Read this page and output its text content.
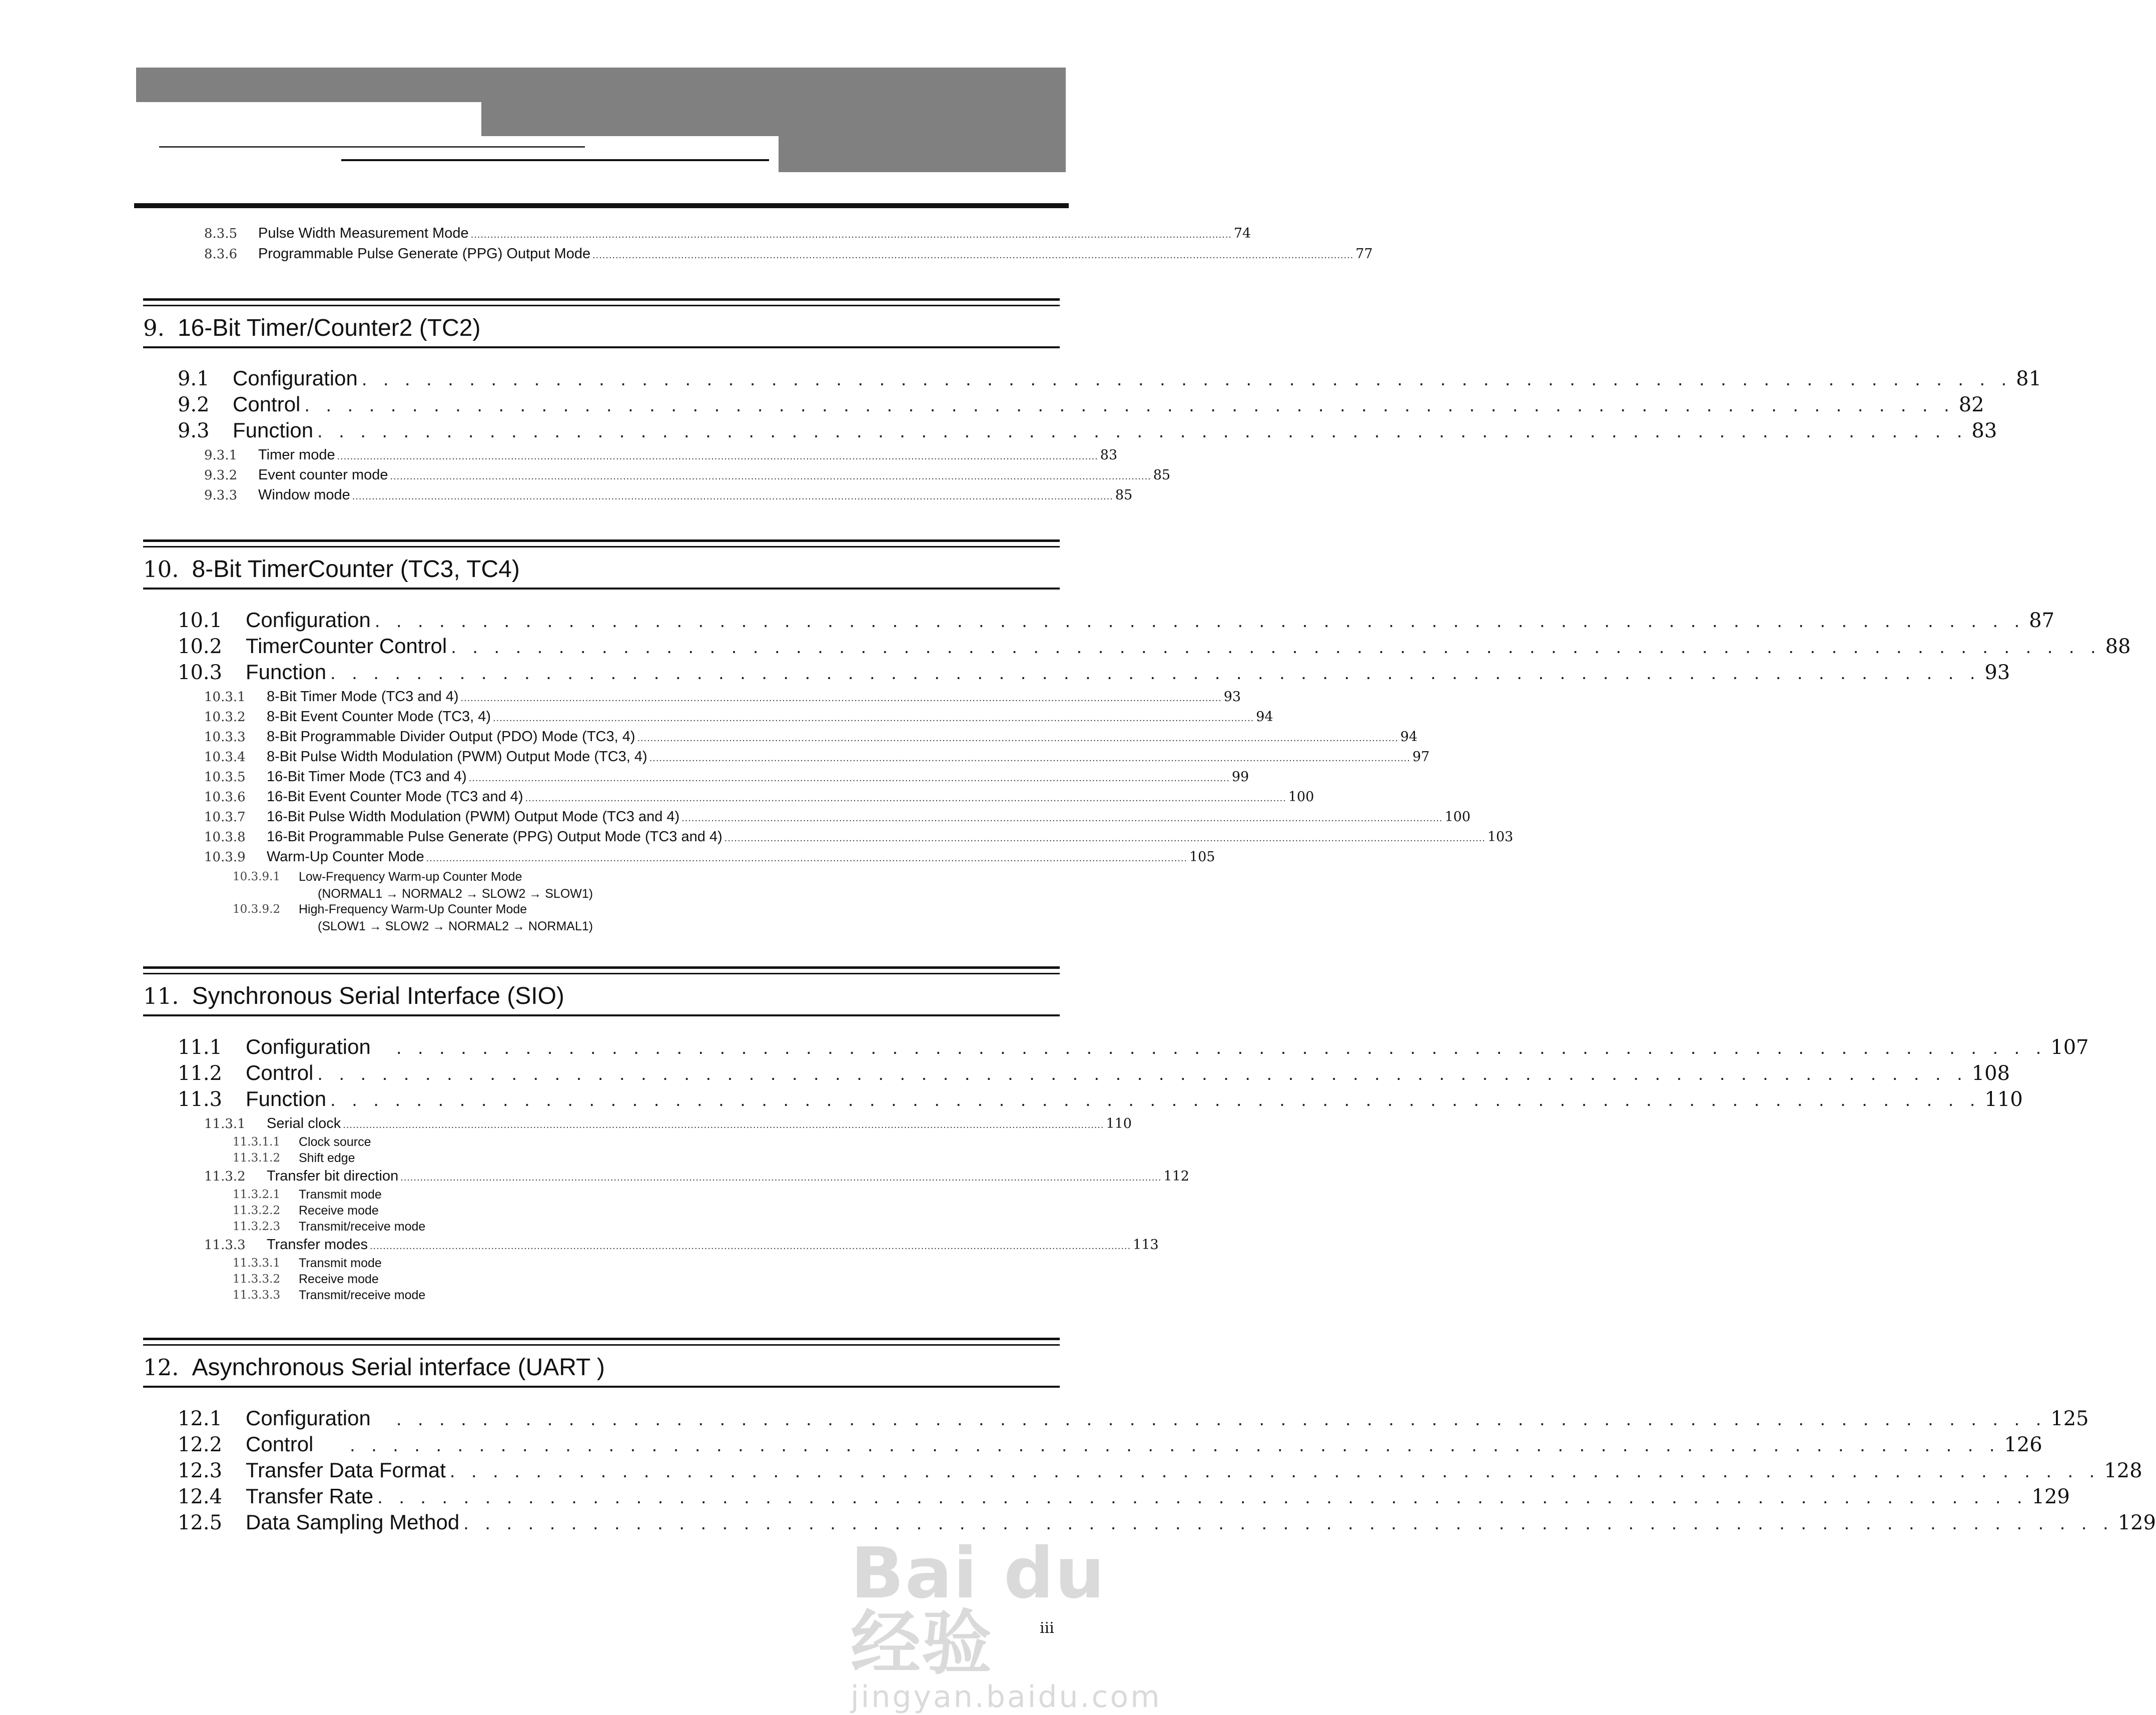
8.3.5	Pulse Width Measurement Mode ........................................................................................................................................................................................................................................ 74
8.3.6	Programmable Pulse Generate (PPG) Output Mode ........................................................................................................................................................................................................................................ 77
9. 16-Bit Timer/Counter2 (TC2)
9.1	Configuration . . . . . . . . . . . . . . . . . . . . . . . . . . . . . . . . . . . . . . . . . . . . . . . . . . . . . . . . . . . . . . . . . . . . . . . . . . . . . 81
9.2	Control . . . . . . . . . . . . . . . . . . . . . . . . . . . . . . . . . . . . . . . . . . . . . . . . . . . . . . . . . . . . . . . . . . . . . . . . . . . . . 82
9.3	Function . . . . . . . . . . . . . . . . . . . . . . . . . . . . . . . . . . . . . . . . . . . . . . . . . . . . . . . . . . . . . . . . . . . . . . . . . . . . . 83
9.3.1	Timer mode ........................................................................................................................................................................................................................................ 83
9.3.2	Event counter mode ........................................................................................................................................................................................................................................ 85
9.3.3	Window mode ........................................................................................................................................................................................................................................ 85
10. 8-Bit TimerCounter (TC3, TC4)
10.1	Configuration . . . . . . . . . . . . . . . . . . . . . . . . . . . . . . . . . . . . . . . . . . . . . . . . . . . . . . . . . . . . . . . . . . . . . . . . . . . . . 87
10.2	TimerCounter Control . . . . . . . . . . . . . . . . . . . . . . . . . . . . . . . . . . . . . . . . . . . . . . . . . . . . . . . . . . . . . . . . . . . . . . . . . . . . . 88
10.3	Function . . . . . . . . . . . . . . . . . . . . . . . . . . . . . . . . . . . . . . . . . . . . . . . . . . . . . . . . . . . . . . . . . . . . . . . . . . . . . 93
10.3.1	8-Bit Timer Mode (TC3 and 4) ........................................................................................................................................................................................................................................ 93
10.3.2	8-Bit Event Counter Mode (TC3, 4) ........................................................................................................................................................................................................................................ 94
10.3.3	8-Bit Programmable Divider Output (PDO) Mode (TC3, 4) ........................................................................................................................................................................................................................................ 94
10.3.4	8-Bit Pulse Width Modulation (PWM) Output Mode (TC3, 4) ........................................................................................................................................................................................................................................ 97
10.3.5	16-Bit Timer Mode (TC3 and 4) ........................................................................................................................................................................................................................................ 99
10.3.6	16-Bit Event Counter Mode (TC3 and 4) ........................................................................................................................................................................................................................................ 100
10.3.7	16-Bit Pulse Width Modulation (PWM) Output Mode (TC3 and 4) ........................................................................................................................................................................................................................................ 100
10.3.8	16-Bit Programmable Pulse Generate (PPG) Output Mode (TC3 and 4) ........................................................................................................................................................................................................................................ 103
10.3.9	Warm-Up Counter Mode ........................................................................................................................................................................................................................................ 105
10.3.9.1	Low-Frequency Warm-up Counter Mode
(NORMAL1 → NORMAL2 → SLOW2 → SLOW1)
10.3.9.2	High-Frequency Warm-Up Counter Mode
(SLOW1 → SLOW2 → NORMAL2 → NORMAL1)
11. Synchronous Serial Interface (SIO)
11.1	Configuration . . . . . . . . . . . . . . . . . . . . . . . . . . . . . . . . . . . . . . . . . . . . . . . . . . . . . . . . . . . . . . . . . . . . . . . . . . . . . 107
11.2	Control . . . . . . . . . . . . . . . . . . . . . . . . . . . . . . . . . . . . . . . . . . . . . . . . . . . . . . . . . . . . . . . . . . . . . . . . . . . . . 108
11.3	Function . . . . . . . . . . . . . . . . . . . . . . . . . . . . . . . . . . . . . . . . . . . . . . . . . . . . . . . . . . . . . . . . . . . . . . . . . . . . . 110
11.3.1	Serial clock ........................................................................................................................................................................................................................................ 110
11.3.1.1	Clock source
11.3.1.2	Shift edge
11.3.2	Transfer bit direction ........................................................................................................................................................................................................................................ 112
11.3.2.1	Transmit mode
11.3.2.2	Receive mode
11.3.2.3	Transmit/receive mode
11.3.3	Transfer modes ........................................................................................................................................................................................................................................ 113
11.3.3.1	Transmit mode
11.3.3.2	Receive mode
11.3.3.3	Transmit/receive mode
12. Asynchronous Serial interface (UART )
12.1	Configuration . . . . . . . . . . . . . . . . . . . . . . . . . . . . . . . . . . . . . . . . . . . . . . . . . . . . . . . . . . . . . . . . . . . . . . . . . . . . . 125
12.2	Control . . . . . . . . . . . . . . . . . . . . . . . . . . . . . . . . . . . . . . . . . . . . . . . . . . . . . . . . . . . . . . . . . . . . . . . . . . . . . 126
12.3	Transfer Data Format . . . . . . . . . . . . . . . . . . . . . . . . . . . . . . . . . . . . . . . . . . . . . . . . . . . . . . . . . . . . . . . . . . . . . . . . . . . . . 128
12.4	Transfer Rate . . . . . . . . . . . . . . . . . . . . . . . . . . . . . . . . . . . . . . . . . . . . . . . . . . . . . . . . . . . . . . . . . . . . . . . . . . . . . 129
12.5	Data Sampling Method . . . . . . . . . . . . . . . . . . . . . . . . . . . . . . . . . . . . . . . . . . . . . . . . . . . . . . . . . . . . . . . . . . . . . . . . . . . . . 129
iii
Bai du 经验
jingyan.baidu.com
